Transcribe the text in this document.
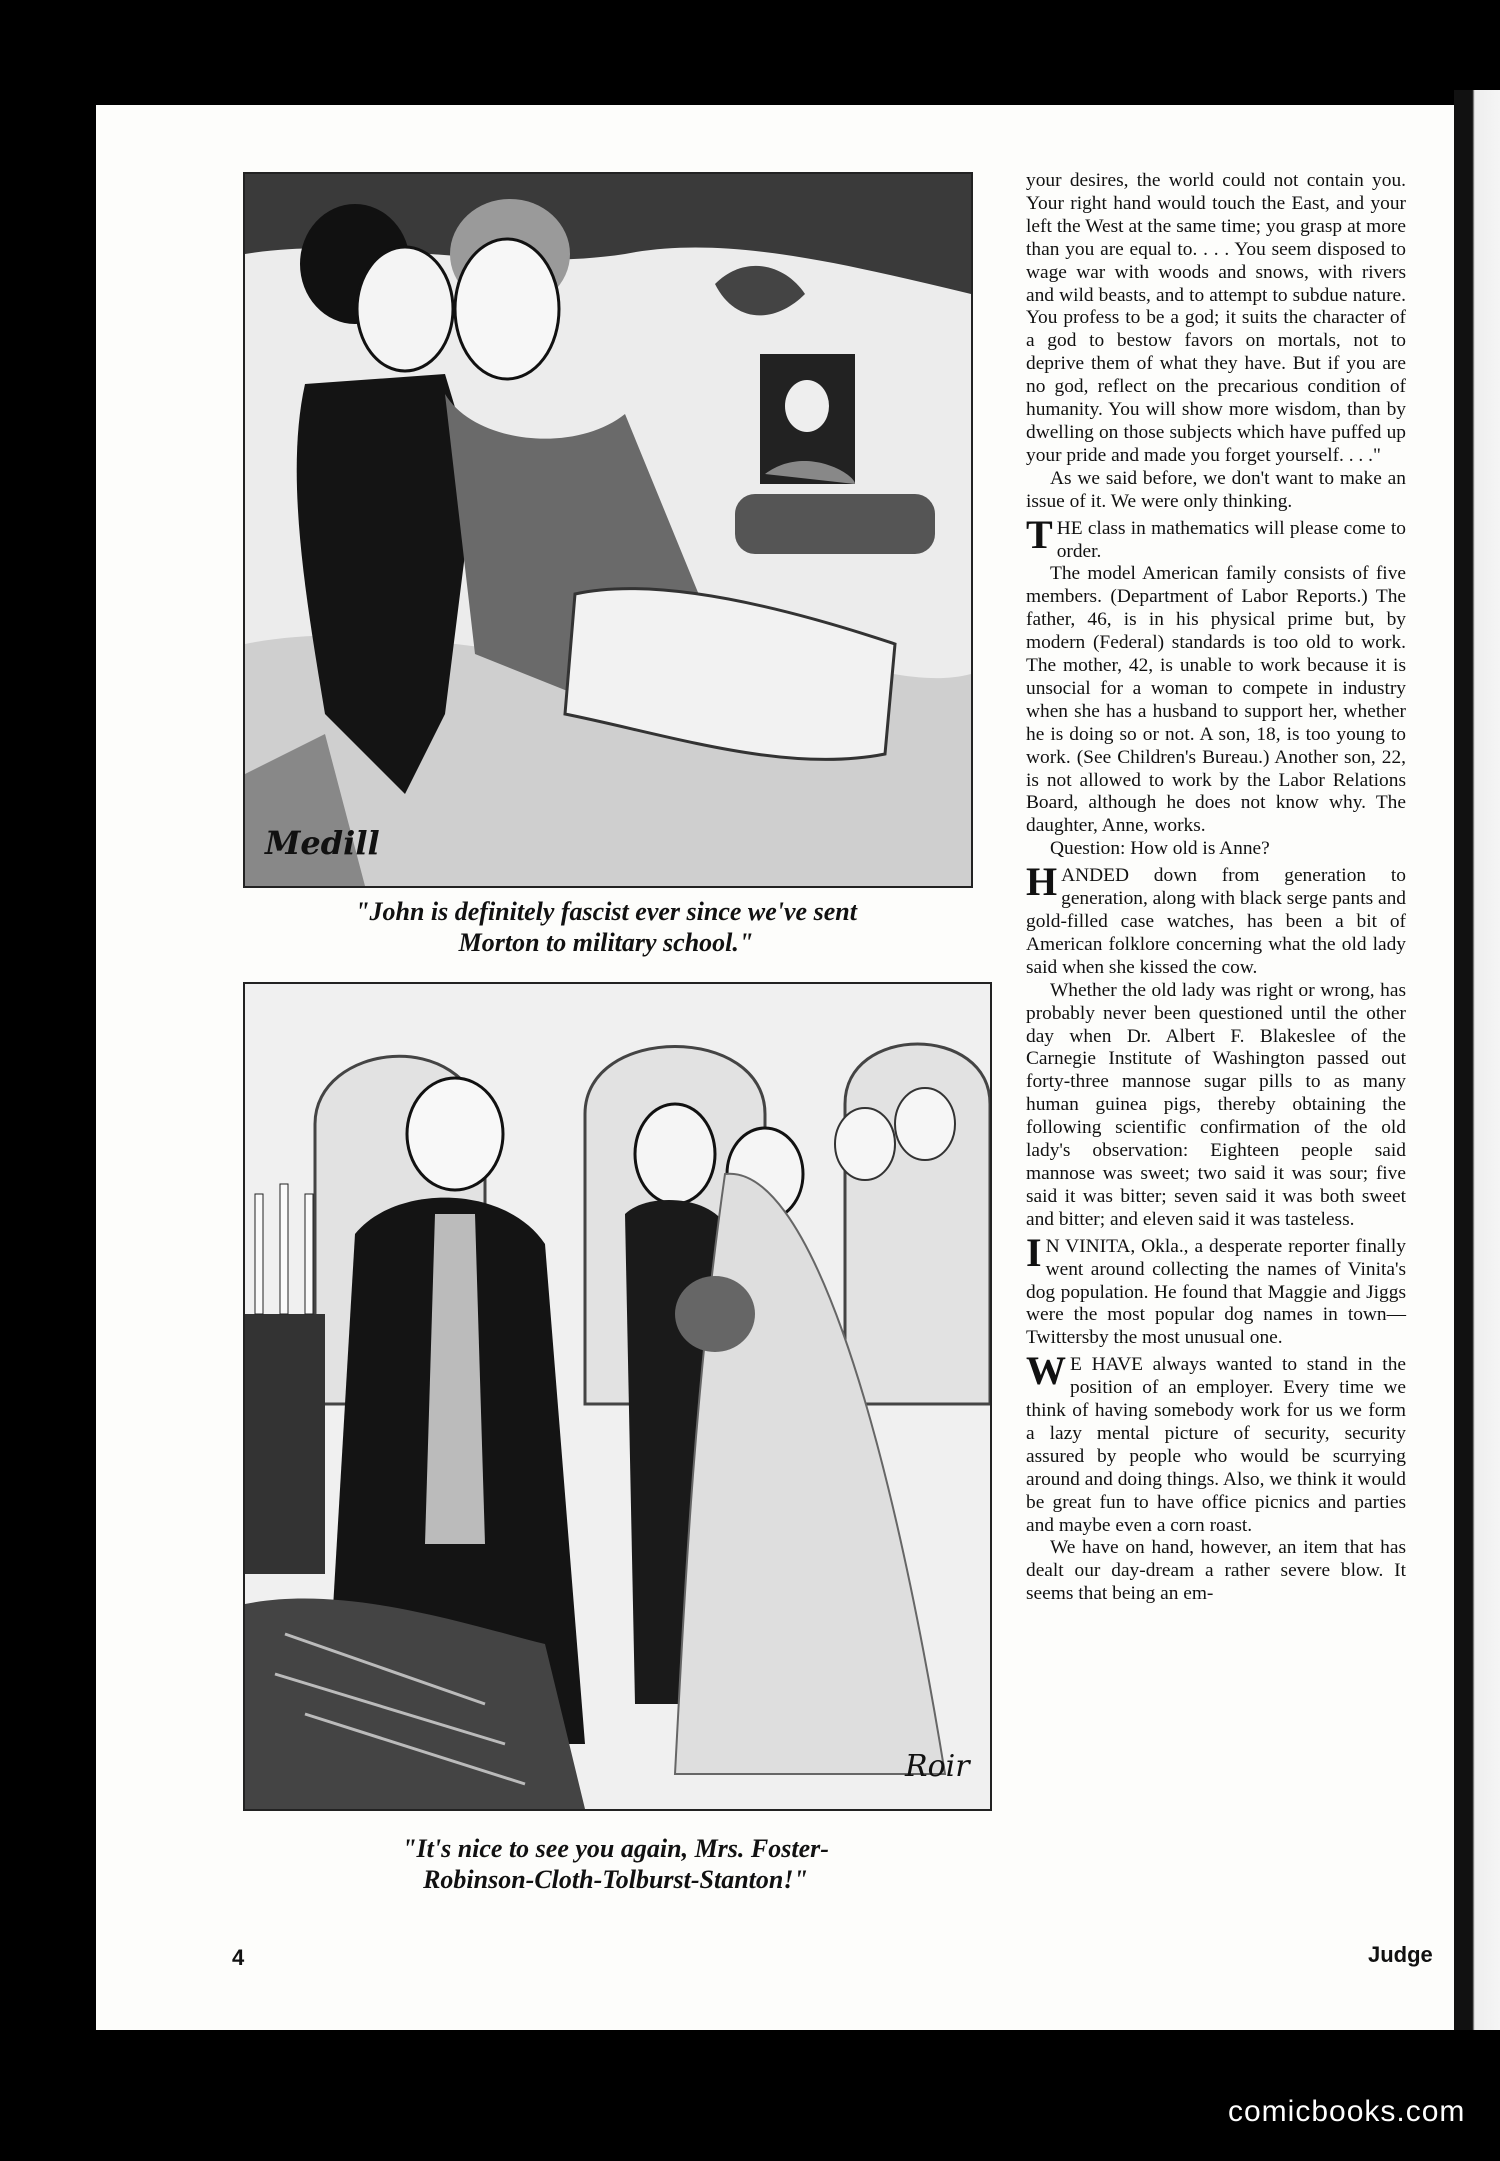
Medill
"John is definitely fascist ever since we've sent
Morton to military school."
Roir
"It's nice to see you again, Mrs. Foster-
Robinson-Cloth-Tolburst-Stanton!"

your desires, the world could not contain you. Your right hand would touch the East, and your left the West at the same time; you grasp at more than you are equal to. . . . You seem disposed to wage war with woods and snows, with rivers and wild beasts, and to attempt to subdue nature. You profess to be a god; it suits the character of a god to bestow favors on mortals, not to deprive them of what they have. But if you are no god, reflect on the precarious condition of humanity. You will show more wisdom, than by dwelling on those subjects which have puffed up your pride and made you forget yourself. . . ."

As we said before, we don't want to make an issue of it. We were only thinking.

THE class in mathematics will please come to order.

The model American family consists of five members. (Department of Labor Reports.) The father, 46, is in his physical prime but, by modern (Federal) standards is too old to work. The mother, 42, is unable to work because it is unsocial for a woman to compete in industry when she has a husband to support her, whether he is doing so or not. A son, 18, is too young to work. (See Children's Bureau.) Another son, 22, is not allowed to work by the Labor Relations Board, although he does not know why. The daughter, Anne, works.

Question: How old is Anne?

HANDED down from generation to generation, along with black serge pants and gold-filled case watches, has been a bit of American folklore concerning what the old lady said when she kissed the cow.

Whether the old lady was right or wrong, has probably never been questioned until the other day when Dr. Albert F. Blakeslee of the Carnegie Institute of Washington passed out forty-three mannose sugar pills to as many human guinea pigs, thereby obtaining the following scientific confirmation of the old lady's observation: Eighteen people said mannose was sweet; two said it was sour; five said it was bitter; seven said it was both sweet and bitter; and eleven said it was tasteless.

I N VINITA, Okla., a desperate reporter finally went around collecting the names of Vinita's dog population. He found that Maggie and Jiggs were the most popular dog names in town—Twittersby the most unusual one.

W E HAVE always wanted to stand in the position of an employer. Every time we think of having somebody work for us we form a lazy mental picture of security, security assured by people who would be scurrying around and doing things. Also, we think it would be great fun to have office picnics and parties and maybe even a corn roast.

We have on hand, however, an item that has dealt our day-dream a rather severe blow. It seems that being an em-

4	Judge
comicbooks.com
